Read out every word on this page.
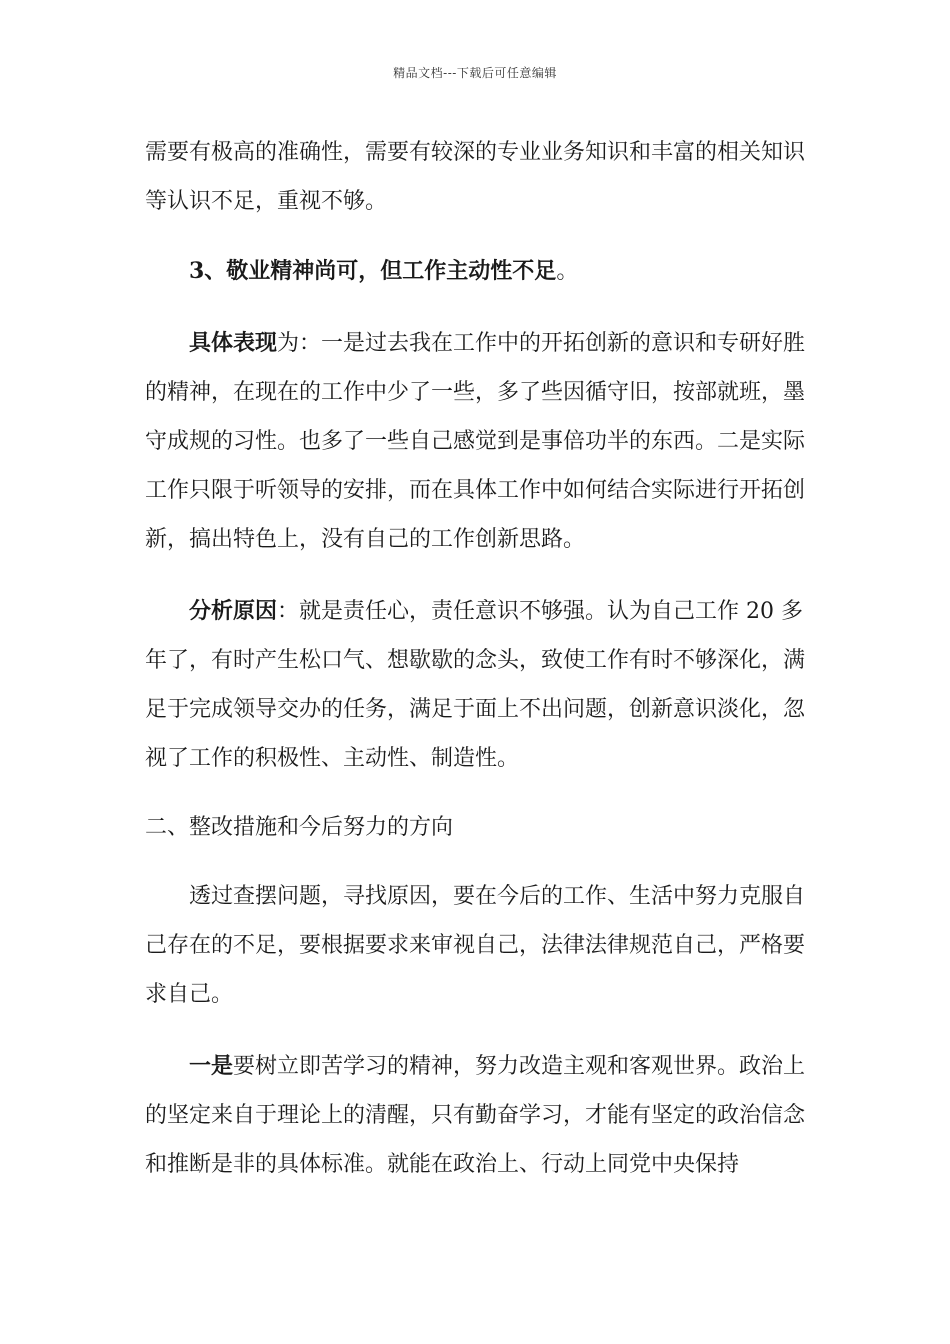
精品文档---下载后可任意编辑

需要有极高的准确性，需要有较深的专业业务知识和丰富的相关知识等认识不足，重视不够。

3、敬业精神尚可，但工作主动性不足。

具体表现为：一是过去我在工作中的开拓创新的意识和专研好胜的精神，在现在的工作中少了一些，多了些因循守旧，按部就班，墨守成规的习性。也多了一些自己感觉到是事倍功半的东西。二是实际工作只限于听领导的安排，而在具体工作中如何结合实际进行开拓创新，搞出特色上，没有自己的工作创新思路。

分析原因：就是责任心，责任意识不够强。认为自己工作 20 多年了，有时产生松口气、想歇歇的念头，致使工作有时不够深化，满足于完成领导交办的任务，满足于面上不出问题，创新意识淡化，忽视了工作的积极性、主动性、制造性。

二、整改措施和今后努力的方向

透过查摆问题，寻找原因，要在今后的工作、生活中努力克服自己存在的不足，要根据要求来审视自己，法律法律规范自己，严格要求自己。

一是要树立即苦学习的精神，努力改造主观和客观世界。政治上的坚定来自于理论上的清醒，只有勤奋学习，才能有坚定的政治信念和推断是非的具体标准。就能在政治上、行动上同党中央保持
